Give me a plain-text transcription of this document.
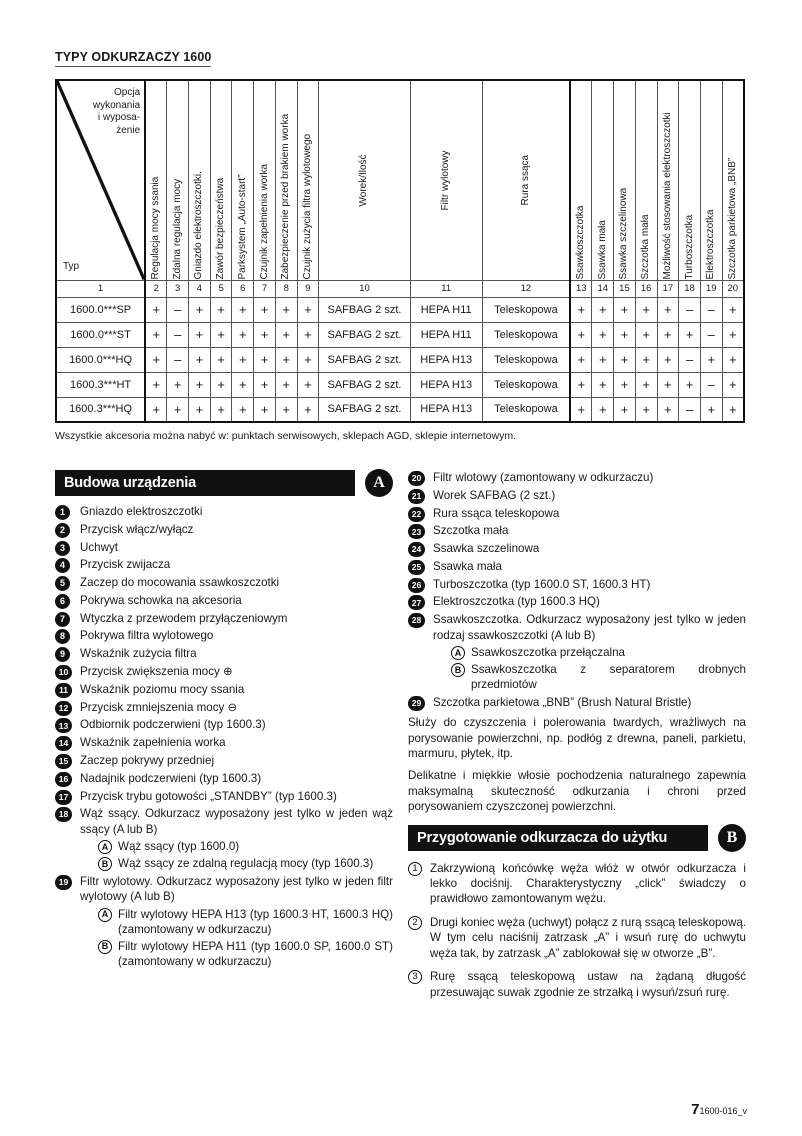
TYPY ODKURZACZY 1600
Opcja
wykonania
i wyposa-
żenie
Typ	Regulacja mocy ssania	Zdalna regulacja mocy	Gniazdo elektroszczotki.	Zawór bezpieczeństwa	Parksystem „Auto-start”	Czujnik zapełnienia worka	Zabezpieczenie przed brakiem worka	Czujnik zużycia filtra wylotowego	Worek/Ilość	Filtr wylotowy	Rura ssąca	Ssawkoszczotka	Ssawka mała	Ssawka szczelinowa	Szczotka mała	Możliwość stosowania elektroszczotki	Turboszczotka	Elektroszczotka	Szczotka parkietowa „BNB”

1	2	3	4	5	6	7	8	9	10	11	12	13	14	15	16	17	18	19	20
1600.0***SP	+	–	+	+	+	+	+	+	SAFBAG 2 szt.	HEPA H11	Teleskopowa	+	+	+	+	+	–	–	+
1600.0***ST	+	–	+	+	+	+	+	+	SAFBAG 2 szt.	HEPA H11	Teleskopowa	+	+	+	+	+	+	–	+
1600.0***HQ	+	–	+	+	+	+	+	+	SAFBAG 2 szt.	HEPA H13	Teleskopowa	+	+	+	+	+	–	+	+
1600.3***HT	+	+	+	+	+	+	+	+	SAFBAG 2 szt.	HEPA H13	Teleskopowa	+	+	+	+	+	+	–	+
1600.3***HQ	+	+	+	+	+	+	+	+	SAFBAG 2 szt.	HEPA H13	Teleskopowa	+	+	+	+	+	–	+	+
Wszystkie akcesoria można nabyć w: punktach serwisowych, sklepach AGD, sklepie internetowym.
Budowa urządzenia	A
1	Gniazdo elektroszczotki
2	Przycisk włącz/wyłącz
3	Uchwyt
4	Przycisk zwijacza
5	Zaczep do mocowania ssawkoszczotki
6	Pokrywa schowka na akcesoria
7	Wtyczka z przewodem przyłączeniowym
8	Pokrywa filtra wylotowego
9	Wskaźnik zużycia filtra
10	Przycisk zwiększenia mocy ⊕
11	Wskaźnik poziomu mocy ssania
12	Przycisk zmniejszenia mocy ⊖
13	Odbiornik podczerwieni (typ 1600.3)
14	Wskaźnik zapełnienia worka
15	Zaczep pokrywy przedniej
16	Nadajnik podczerwieni (typ 1600.3)
17	Przycisk trybu gotowości „STANDBY” (typ 1600.3)
18	Wąż ssący. Odkurzacz wyposażony jest tylko w jeden wąż ssący (A lub B)
A Wąż ssący (typ 1600.0)
B Wąż ssący ze zdalną regulacją mocy (typ 1600.3)
19	Filtr wylotowy. Odkurzacz wyposażony jest tylko w jeden filtr wylotowy (A lub B)
A Filtr wylotowy HEPA H13 (typ 1600.3 HT, 1600.3 HQ) (zamontowany w odkurzaczu)
B Filtr wylotowy HEPA H11 (typ 1600.0 SP, 1600.0 ST) (zamontowany w odkurzaczu)
20	Filtr wlotowy (zamontowany w odkurzaczu)
21	Worek SAFBAG (2 szt.)
22	Rura ssąca teleskopowa
23	Szczotka mała
24	Ssawka szczelinowa
25	Ssawka mała
26	Turboszczotka (typ 1600.0 ST, 1600.3 HT)
27	Elektroszczotka (typ 1600.3 HQ)
28	Ssawkoszczotka. Odkurzacz wyposażony jest tylko w jeden rodzaj ssawkoszczotki (A lub B)
A Ssawkoszczotka przełączalna
B Ssawkoszczotka z separatorem drobnych przedmiotów
29	Szczotka parkietowa „BNB” (Brush Natural Bristle)

Służy do czyszczenia i polerowania twardych, wrażliwych na porysowanie powierzchni, np. podłóg z drewna, paneli, parkietu, marmuru, płytek, itp.

Delikatne i miękkie włosie pochodzenia naturalnego zapewnia maksymalną skuteczność odkurzania i chroni przed porysowaniem czyszczonej powierzchni.

Przygotowanie odkurzacza do użytku	B
1	Zakrzywioną końcówkę węża włóż w otwór odkurzacza i lekko dociśnij. Charakterystyczny „click” świadczy o prawidłowo zamontowanym wężu.
2	Drugi koniec węża (uchwyt) połącz z rurą ssącą teleskopową. W tym celu naciśnij zatrzask „A” i wsuń rurę do uchwytu węża tak, by zatrzask „A” zablokował się w otworze „B”.
3	Rurę ssącą teleskopową ustaw na żądaną długość przesuwając suwak zgodnie ze strzałką i wysuń/zsuń rurę.
71600-016_v
